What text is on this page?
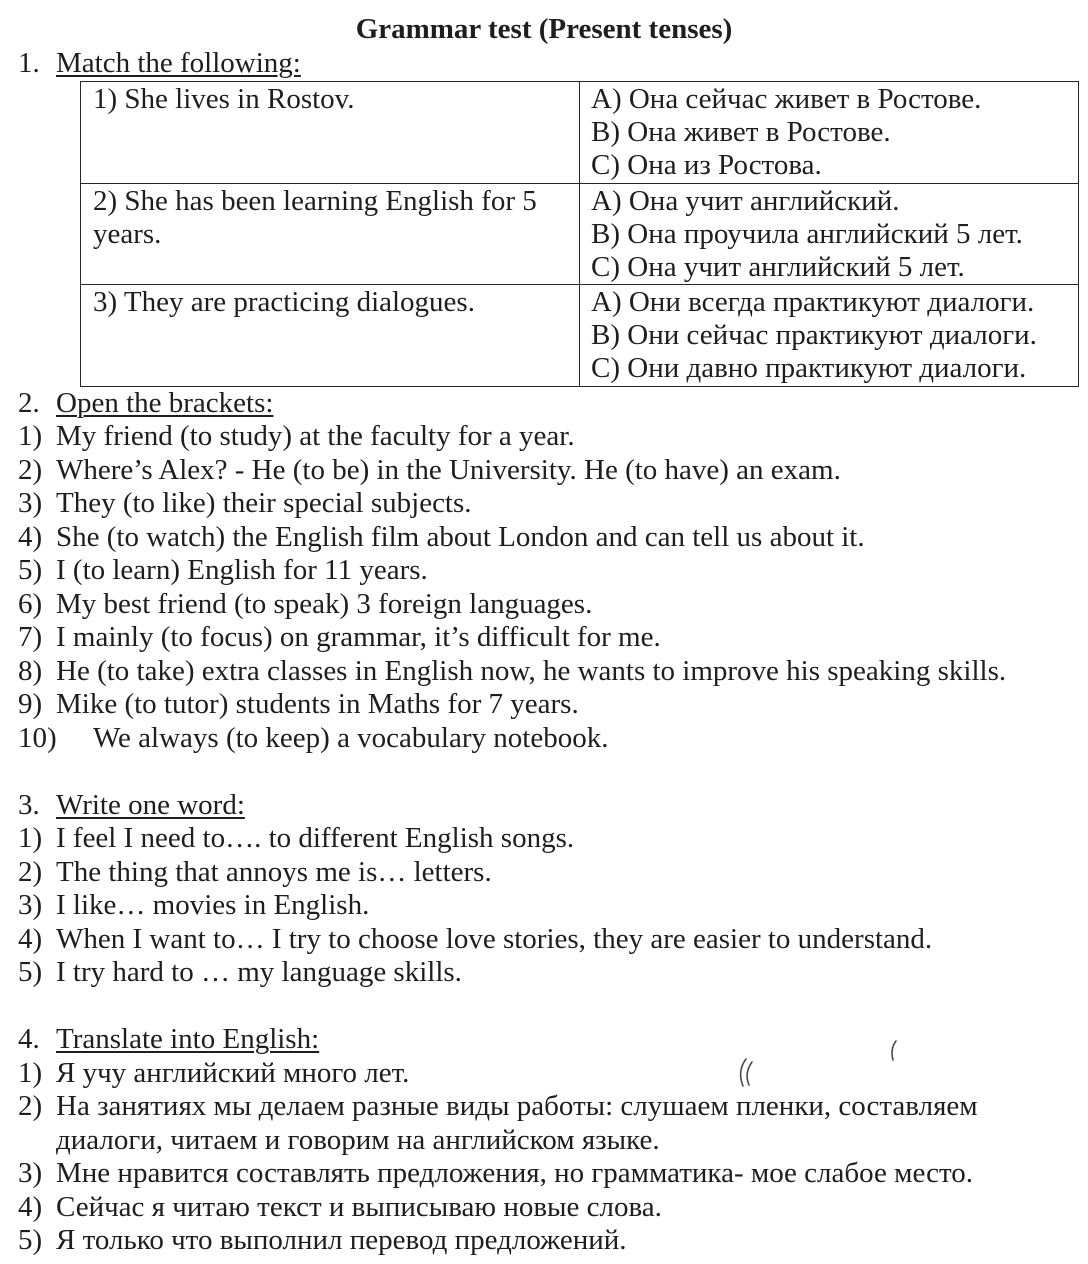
Grammar test (Present tenses)
1. Match the following:
1) She lives in Rostov.	A) Она сейчас живет в Ростове.
B) Она живет в Ростове.
C) Она из Ростова.
2) She has been learning English for 5 years.
A) Она учит английский.
B) Она проучила английский 5 лет.
C) Она учит английский 5 лет.
3) They are practicing dialogues.	A) Они всегда практикуют диалоги.
B) Они сейчас практикуют диалоги.
C) Они давно практикуют диалоги.
2. Open the brackets:
1) My friend (to study) at the faculty for a year.
2) Where’s Alex? - He (to be) in the University. He (to have) an exam.
3) They (to like) their special subjects.
4) She (to watch) the English film about London and can tell us about it.
5) I (to learn) English for 11 years.
6) My best friend (to speak) 3 foreign languages.
7) I mainly (to focus) on grammar, it’s difficult for me.
8) He (to take) extra classes in English now, he wants to improve his speaking skills.
9) Mike (to tutor) students in Maths for 7 years.
10)	We always (to keep) a vocabulary notebook.
3. Write one word:
1) I feel I need to…. to different English songs.
2) The thing that annoys me is… letters.
3) I like… movies in English.
4) When I want to… I try to choose love stories, they are easier to understand.
5) I try hard to … my language skills.
4. Translate into English:
1) Я учу английский много лет.
2) На занятиях мы делаем разные виды работы: слушаем пленки, составляем диалоги, читаем и говорим на английском языке.
3) Мне нравится составлять предложения, но грамматика- мое слабое место.
4) Сейчас я читаю текст и выписываю новые слова.
5) Я только что выполнил перевод предложений.
